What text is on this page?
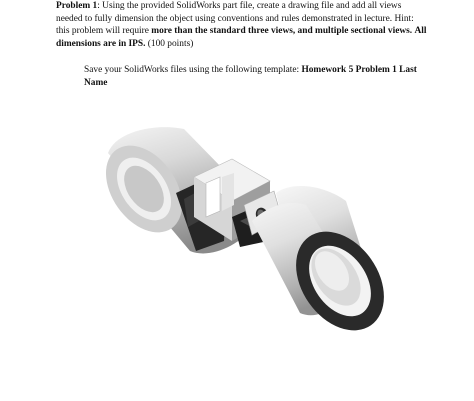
Problem 1: Using the provided SolidWorks part file, create a drawing file and add all views needed to fully dimension the object using conventions and rules demonstrated in lecture. Hint: this problem will require more than the standard three views, and multiple sectional views. All dimensions are in IPS. (100 points)
Save your SolidWorks files using the following template: Homework 5 Problem 1 Last Name
